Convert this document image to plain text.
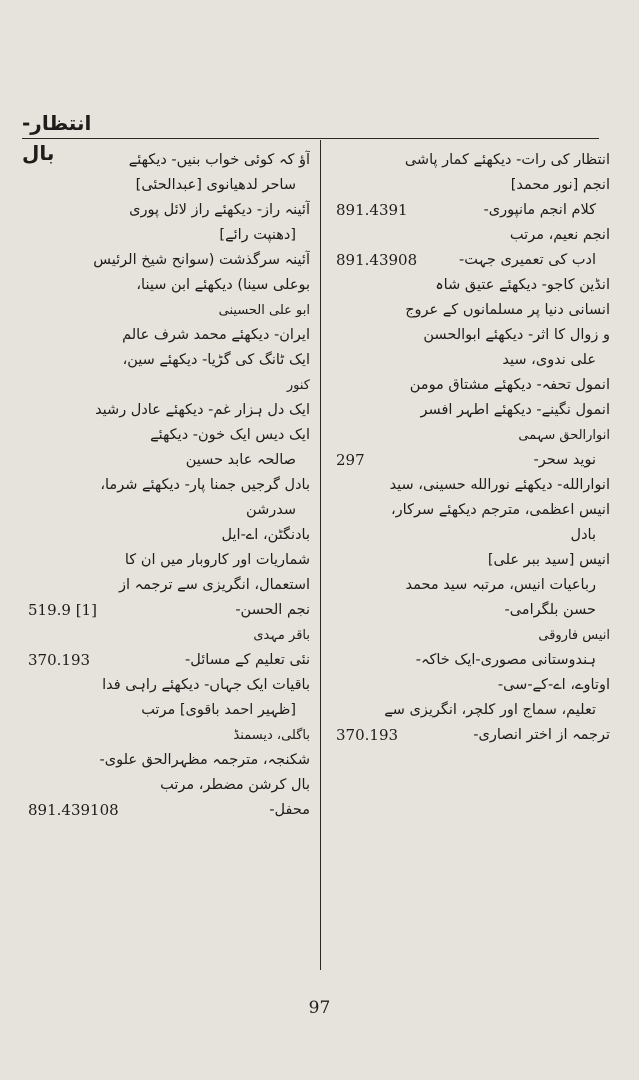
انتظار-بال	آؤ کہ کوئی خواب بنیں- دیکھئے
ساحر لدھیانوی [عبدالحئی]
آئینہ راز- دیکھئے راز لائل پوری
[دھنپت رائے]
آئینہ سرگذشت (سوانح شیخ الرئیس
بوعلی سینا) دیکھئے ابن سینا،
ابو علی الحسینی
ایران- دیکھئے محمد شرف عالم
ایک ٹانگ کی گڑیا- دیکھئے سین،
کنور
ایک دل ہزار غم- دیکھئے عادل رشید
ایک دیس ایک خون- دیکھئے
صالحہ عابد حسین
بادل گرجیں جمنا پار- دیکھئے شرما،
سدرشن
بادنگٹن، اے-ایل
شماریات اور کاروبار میں ان کا
استعمال، انگریزی سے ترجمہ از
نجم الحسن-
519.9 [1]
باقر مہدی
نئی تعلیم کے مسائل-
370.193
باقیات ایک جہاں- دیکھئے راہی فدا
[ظہیر احمد باقوی] مرتب
باگلی، دیسمنڈ
شکنجہ، مترجمہ مظہرالحق علوی-
بال کرشن مضطر، مرتب
محفل-
891.439108
انتظار کی رات- دیکھئے کمار پاشی
انجم [نور محمد]
کلام انجم مانپوری-
891.4391
انجم نعیم، مرتب
ادب کی تعمیری جہت-
891.43908
انڈین کاجو- دیکھئے عتیق شاہ
انسانی دنیا پر مسلمانوں کے عروج
و زوال کا اثر- دیکھئے ابوالحسن
علی ندوی، سید
انمول تحفہ- دیکھئے مشتاق مومن
انمول نگینے- دیکھئے اطہر افسر
انوارالحق سہمی
نوید سحر-
297
انوارالله- دیکھئے نورالله حسینی، سید
انیس اعظمی، مترجم دیکھئے سرکار،
بادل
انیس [سید ببر علی]
رباعیات انیس، مرتبہ سید محمد
حسن بلگرامی-
انیس فاروقی
ہندوستانی مصوری-ایک خاکہ-
اوتاوے، اے-کے-سی-
تعلیم، سماج اور کلچر، انگریزی سے
ترجمہ از اختر انصاری-
370.193
97
